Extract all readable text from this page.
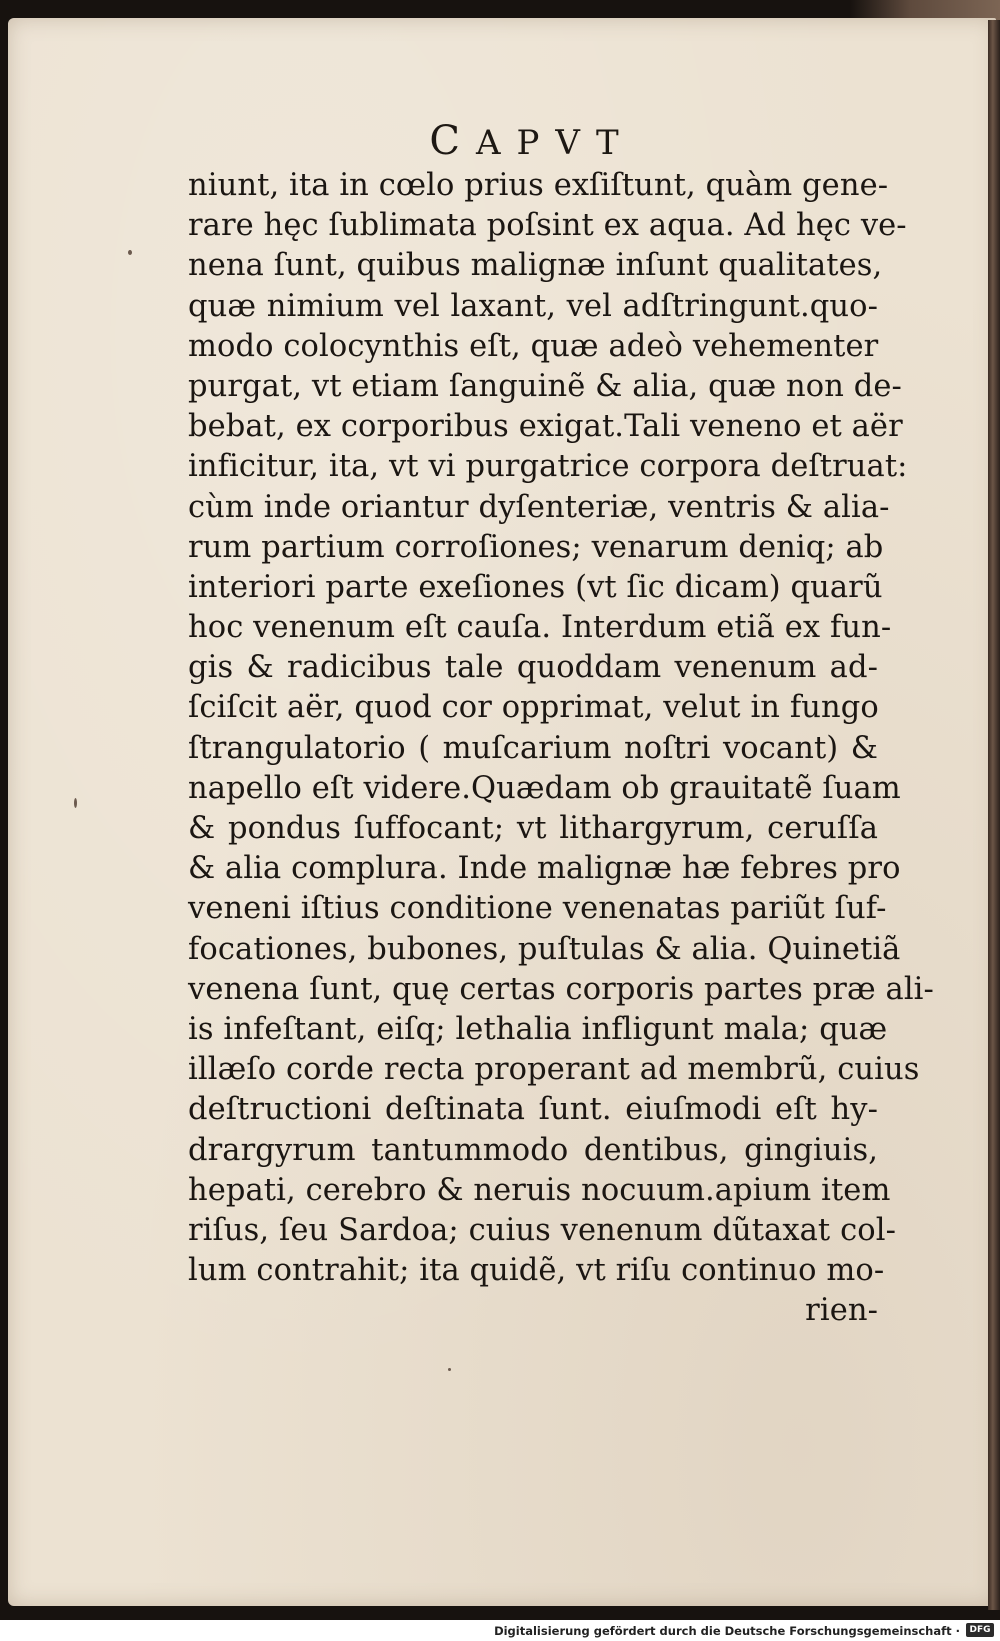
CAPVT
niunt, ita in cœlo prius exſiſtunt, quàm gene-
rare hęc ſublimata poſsint ex aqua. Ad hęc ve-
nena ſunt, quibus malignæ inſunt qualitates,
quæ nimium vel laxant, vel adſtringunt.quo-
modo colocynthis eſt, quæ adeò vehementer
purgat, vt etiam ſanguinẽ & alia, quæ non de-
bebat, ex corporibus exigat.Tali veneno et aër
inficitur, ita, vt vi purgatrice corpora deſtruat:
cùm inde oriantur dyſenteriæ, ventris & alia-
rum partium corroſiones; venarum deniq; ab
interiori parte exeſiones (vt ſic dicam) quarũ
hoc venenum eſt cauſa. Interdum etiã ex fun-
gis & radicibus tale quoddam venenum ad-
ſciſcit aër, quod cor opprimat, velut in fungo
ſtrangulatorio ( muſcarium noſtri vocant) &
napello eſt videre.Quædam ob grauitatẽ ſuam
& pondus ſuffocant; vt lithargyrum, ceruſſa
& alia complura. Inde malignæ hæ febres pro
veneni iſtius conditione venenatas pariũt ſuf-
focationes, bubones, puſtulas & alia. Quinetiã
venena ſunt, quę certas corporis partes præ ali-
is infeſtant, eiſq; lethalia infligunt mala; quæ
illæſo corde recta properant ad membrũ, cuius
deſtructioni deſtinata ſunt. eiuſmodi eſt hy-
drargyrum tantummodo dentibus, gingiuis,
hepati, cerebro & neruis nocuum.apium item
riſus, ſeu Sardoa; cuius venenum dũtaxat col-
lum contrahit; ita quidẽ, vt riſu continuo mo-
rien-
Digitalisierung gefördert durch die Deutsche Forschungsgemeinschaft ·	DFG
